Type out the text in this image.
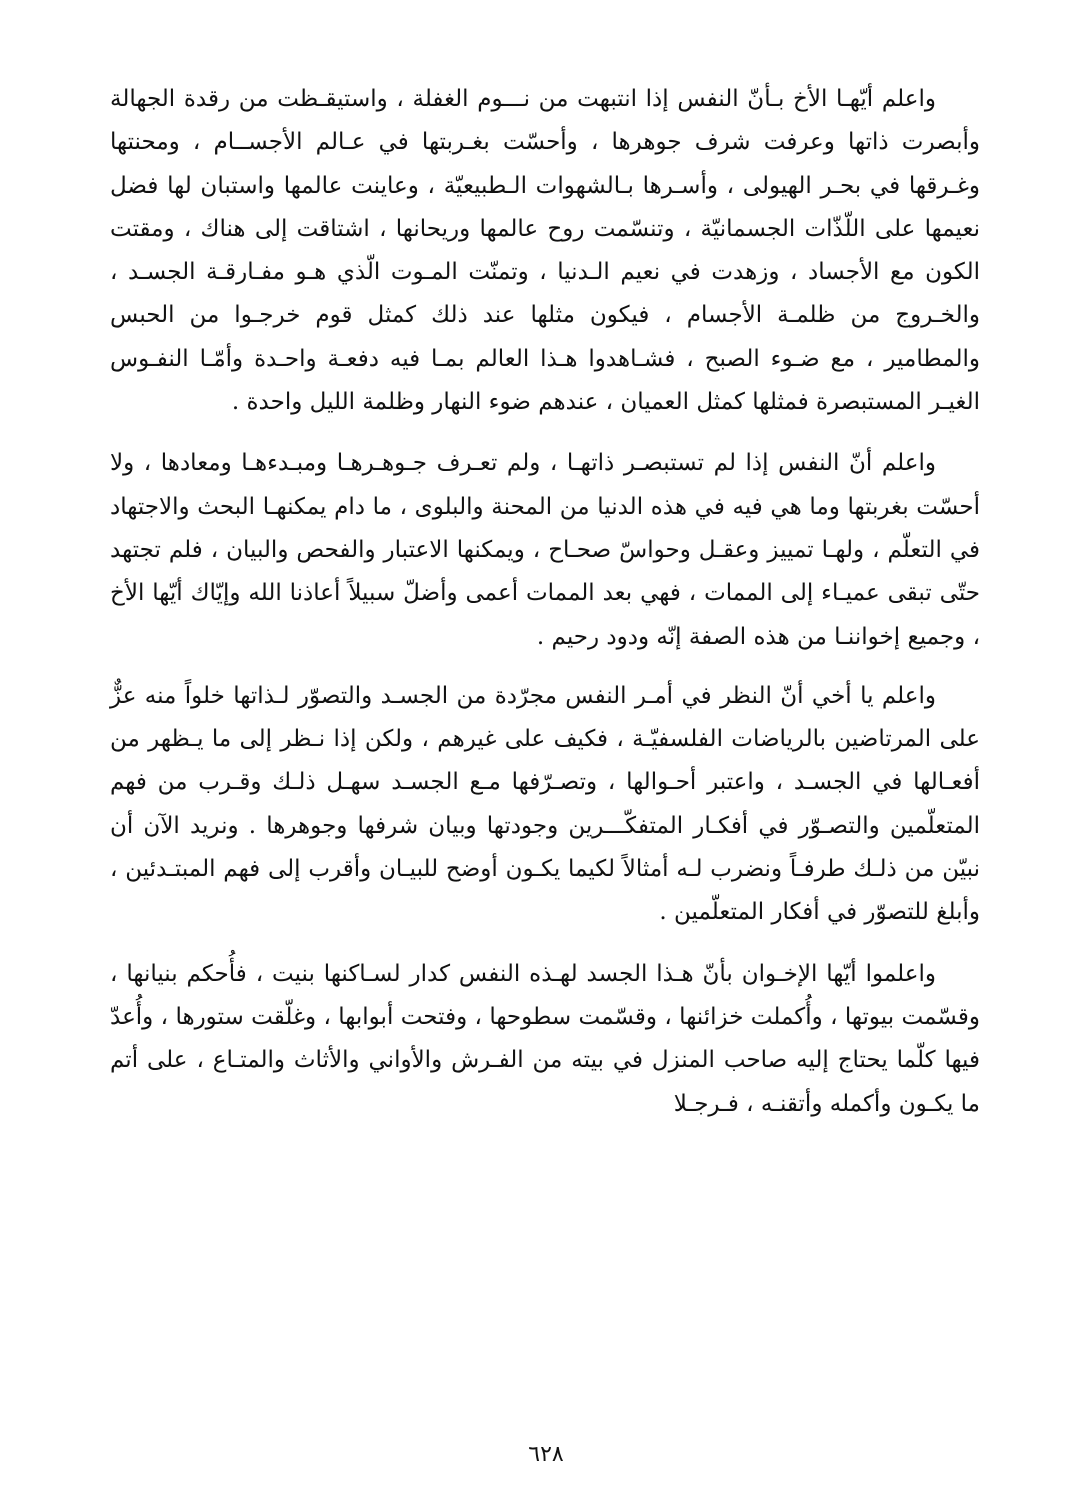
واعلم أيّهـا الأخ بـأنّ النفس إذا انتبهت من نـــوم الغفلة ، واستيقـظت من رقدة الجهالة وأبصرت ذاتها وعرفت شرف جوهرها ، وأحسّت بغـربتها في عـالم الأجســام ، ومحنتها وغـرقها في بحـر الهيولى ، وأسـرها بـالشهوات الـطبيعيّة ، وعاينت عالمها واستبان لها فضل نعيمها على اللّذّات الجسمانيّة ، وتنسّمت روح عالمها وريحانها ، اشتاقت إلى هناك ، ومقتت الكون مع الأجساد ، وزهدت في نعيم الـدنيا ، وتمنّت المـوت الّذي هـو مفـارقـة الجسـد ، والخـروج من ظلمـة الأجسام ، فيكون مثلها عند ذلك كمثل قوم خرجـوا من الحبس والمطامير ، مع ضـوء الصبح ، فشـاهدوا هـذا العالم بمـا فيه دفعـة واحـدة وأمّـا النفـوس الغيـر المستبصرة فمثلها كمثل العميان ، عندهم ضوء النهار وظلمة الليل واحدة .

واعلم أنّ النفس إذا لم تستبصـر ذاتهـا ، ولم تعـرف جـوهـرهـا ومبـدءهـا ومعادها ، ولا أحسّت بغربتها وما هي فيه في هذه الدنيا من المحنة والبلوى ، ما دام يمكنهـا البحث والاجتهاد في التعلّم ، ولهـا تمييز وعقـل وحواسّ صحـاح ، ويمكنها الاعتبار والفحص والبيان ، فلم تجتهد حتّى تبقى عميـاء إلى الممات ، فهي بعد الممات أعمى وأضلّ سبيلاً أعاذنا الله وإيّاك أيّها الأخ ، وجميع إخواننـا من هذه الصفة إنّه ودود رحيم .

واعلم يا أخي أنّ النظر في أمـر النفس مجرّدة من الجسـد والتصوّر لـذاتها خلواً منه عزٌّ على المرتاضين بالرياضات الفلسفيّـة ، فكيف على غيرهم ، ولكن إذا نـظر إلى ما يـظهر من أفعـالها في الجسـد ، واعتبر أحـوالها ، وتصـرّفها مـع الجسـد سهـل ذلـك وقـرب من فهم المتعلّمين والتصـوّر في أفكـار المتفكّـــرين وجودتها وبيان شرفها وجوهرها . ونريد الآن أن نبيّن من ذلـك طرفـاً ونضرب لـه أمثالاً لكيما يكـون أوضح للبيـان وأقرب إلى فهم المبتـدئين ، وأبلغ للتصوّر في أفكار المتعلّمين .

واعلموا أيّها الإخـوان بأنّ هـذا الجسد لهـذه النفس كدار لسـاكنها بنيت ، فأُحكم بنيانها ، وقسّمت بيوتها ، وأُكملت خزائنها ، وقسّمت سطوحها ، وفتحت أبوابها ، وغلّقت ستورها ، وأُعدّ فيها كلّما يحتاج إليه صاحب المنزل في بيته من الفـرش والأواني والأثاث والمتـاع ، على أتم ما يكـون وأكمله وأتقنـه ، فـرجـلا

٦٢٨
